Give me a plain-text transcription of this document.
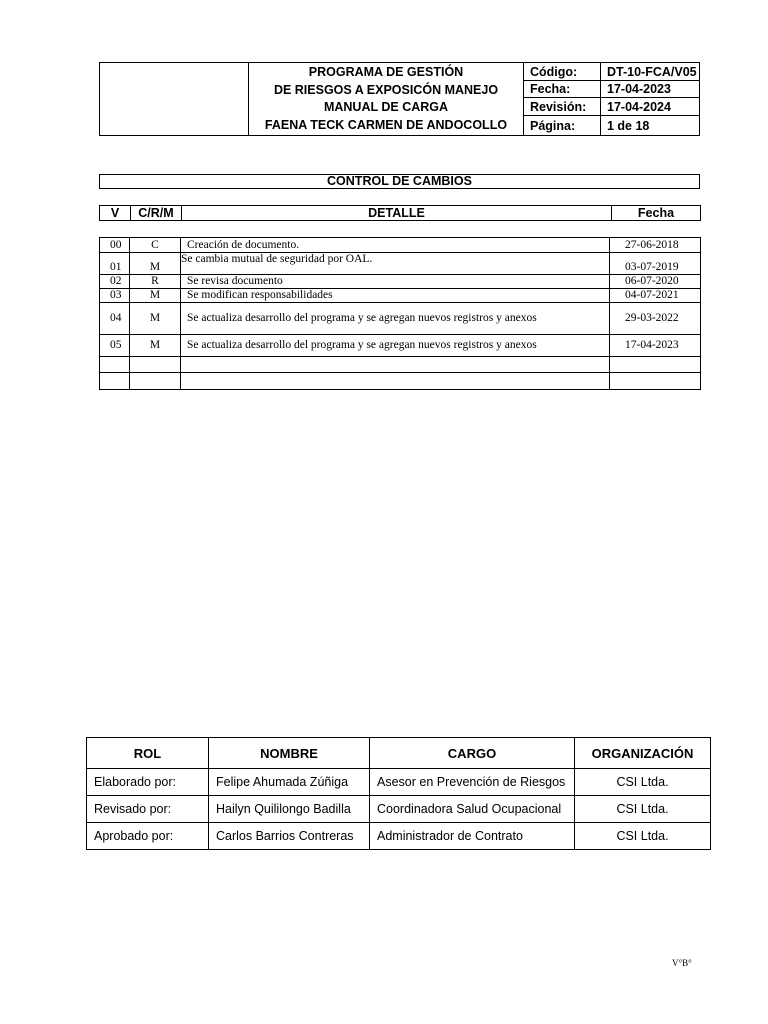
	PROGRAMA DE GESTIÓN
DE RIESGOS A EXPOSICÓN MANEJO
MANUAL DE CARGA
FAENA TECK CARMEN DE ANDOCOLLO	Código:	DT-10-FCA/V05
		Fecha:	17-04-2023
		Revisión:	17-04-2024
		Página:	1 de 18
CONTROL DE CAMBIOS
V	C/R/M	DETALLE	Fecha
00	C	Creación de documento.	27-06-2018
01	M	Se cambia mutual de seguridad por OAL.	03-07-2019
02	R	Se revisa documento	06-07-2020
03	M	Se modifican responsabilidades	04-07-2021
04	M	Se actualiza desarrollo del programa y se agregan nuevos registros y anexos	29-03-2022
05	M	Se actualiza desarrollo del programa y se agregan nuevos registros y anexos	17-04-2023

ROL	NOMBRE	CARGO	ORGANIZACIÓN
Elaborado por:	Felipe Ahumada Zúñiga	Asesor en Prevención de Riesgos	CSI Ltda.
Revisado por:	Hailyn Quililongo Badilla	Coordinadora Salud Ocupacional	CSI Ltda.
Aprobado por:	Carlos Barrios Contreras	Administrador de Contrato	CSI Ltda.
V°B°
